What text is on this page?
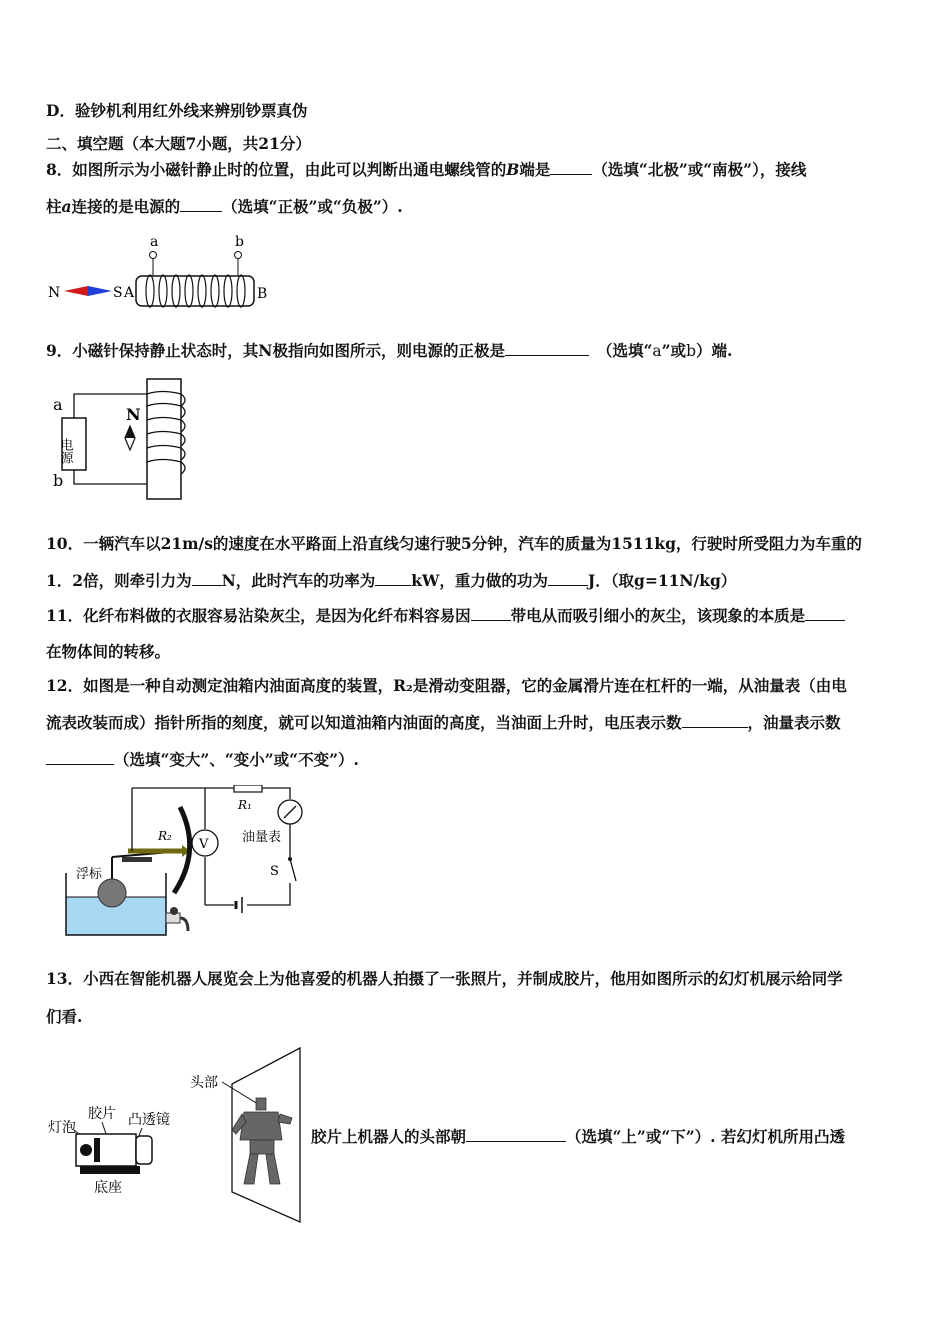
D．验钞机利用红外线来辨别钞票真伪
二、填空题（本大题7小题，共21分）
8．如图所示为小磁针静止时的位置，由此可以判断出通电螺线管的B端是	（选填“北极”或“南极”），接线
柱a连接的是电源的	（选填“正极”或“负极”）.
a	b
N	S A	B
9．小磁针保持静止状态时，其N极指向如图所示，则电源的正极是	（选填“a”或b）端.
a
b
电源
N
10．一辆汽车以21m/s的速度在水平路面上沿直线匀速行驶5分钟，汽车的质量为1511kg，行驶时所受阻力为车重的
1．2倍，则牵引力为 N，此时汽车的功率为 kW，重力做的功为	J．（取g=11N/kg）
11．化纤布料做的衣服容易沾染灰尘，是因为化纤布料容易因	带电从而吸引细小的灰尘，该现象的本质是
在物体间的转移。
12．如图是一种自动测定油箱内油面高度的装置，R₂是滑动变阻器，它的金属滑片连在杠杆的一端，从油量表（由电
流表改装而成）指针所指的刻度，就可以知道油箱内油面的高度，当油面上升时，电压表示数	，油量表示数
（选填“变大”、“变小”或“不变”）.
浮标
R₂
V
R₁
油量表
S
13．小西在智能机器人展览会上为他喜爱的机器人拍摄了一张照片，并制成胶片，他用如图所示的幻灯机展示给同学
们看.
头部
灯泡
胶片 凸透镜
底座
胶片上机器人的头部朝	（选填“上”或“下”）. 若幻灯机所用凸透
